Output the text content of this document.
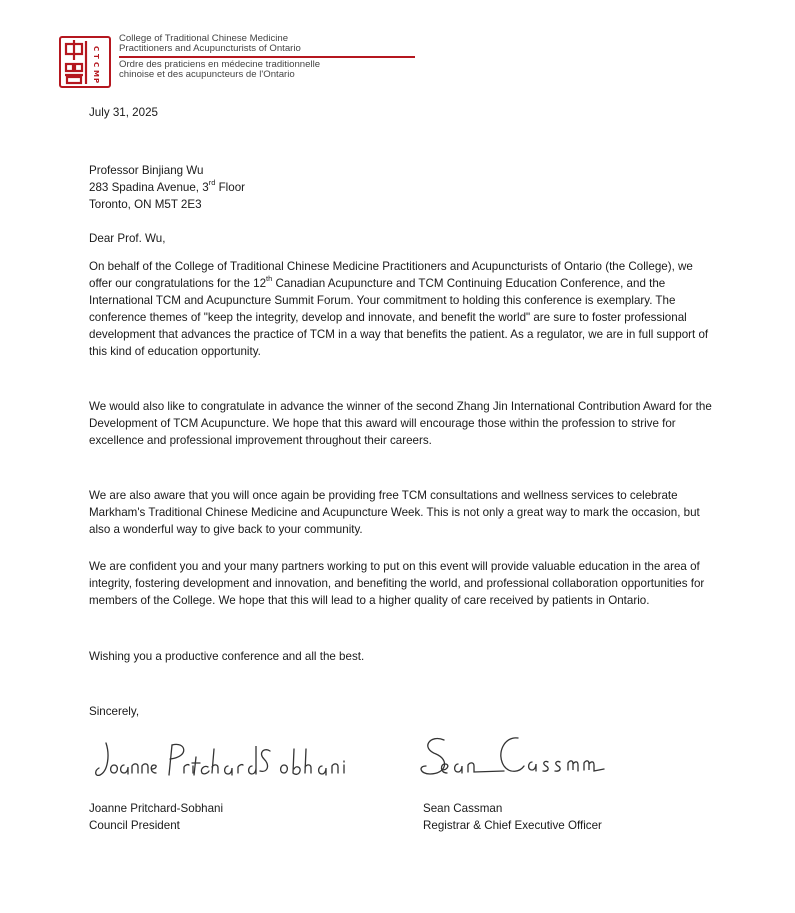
C
T
C
M
P
College of Traditional Chinese Medicine
Practitioners and Acupuncturists of Ontario
Ordre des praticiens en médecine traditionnelle
chinoise et des acupuncteurs de l'Ontario
July 31, 2025
Professor Binjiang Wu
283 Spadina Avenue, 3rd Floor
Toronto, ON M5T 2E3
Dear Prof. Wu,
On behalf of the College of Traditional Chinese Medicine Practitioners and Acupuncturists of Ontario (the College), we offer our congratulations for the 12th Canadian Acupuncture and TCM Continuing Education Conference, and the International TCM and Acupuncture Summit Forum. Your commitment to holding this conference is exemplary. The conference themes of "keep the integrity, develop and innovate, and benefit the world" are sure to foster professional development that advances the practice of TCM in a way that benefits the patient. As a regulator, we are in full support of this kind of education opportunity.
We would also like to congratulate in advance the winner of the second Zhang Jin International Contribution Award for the Development of TCM Acupuncture. We hope that this award will encourage those within the profession to strive for excellence and professional improvement throughout their careers.
We are also aware that you will once again be providing free TCM consultations and wellness services to celebrate Markham's Traditional Chinese Medicine and Acupuncture Week. This is not only a great way to mark the occasion, but also a wonderful way to give back to your community.
We are confident you and your many partners working to put on this event will provide valuable education in the area of integrity, fostering development and innovation, and benefiting the world, and professional collaboration opportunities for members of the College. We hope that this will lead to a higher quality of care received by patients in Ontario.
Wishing you a productive conference and all the best.
Sincerely,
Joanne Pritchard-Sobhani
Council President
Sean Cassman
Registrar & Chief Executive Officer
